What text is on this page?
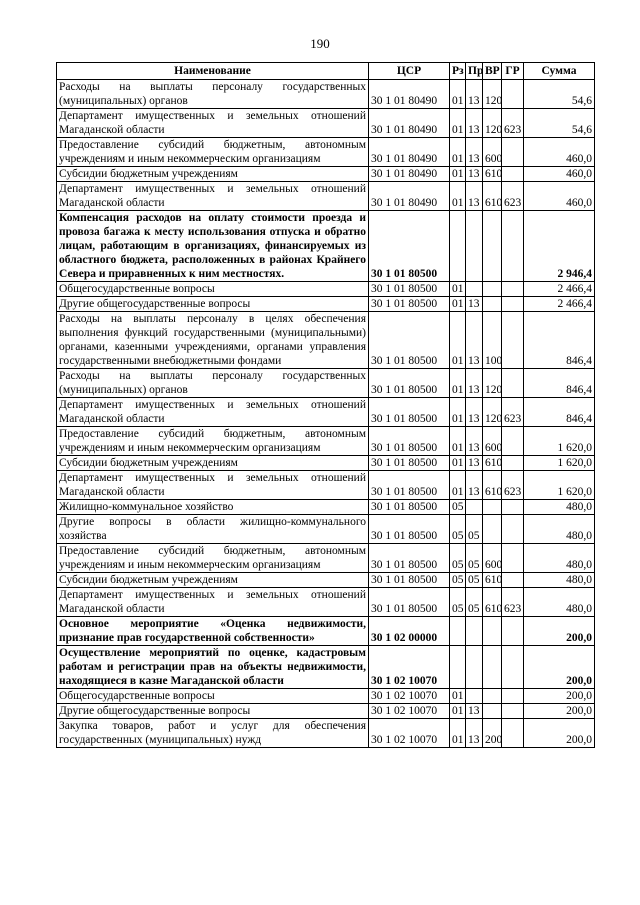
190
Наименование	ЦСР	Рз	Пр	ВР	ГР	Сумма
Расходы на выплаты персоналу государственных (муниципальных) органов	30 1 01 80490	01	13	120		54,6
Департамент имущественных и земельных отношений Магаданской области	30 1 01 80490	01	13	120	623	54,6
Предоставление субсидий бюджетным, автономным учреждениям и иным некоммерческим организациям	30 1 01 80490	01	13	600		460,0
Субсидии бюджетным учреждениям	30 1 01 80490	01	13	610		460,0
Департамент имущественных и земельных отношений Магаданской области	30 1 01 80490	01	13	610	623	460,0
Компенсация расходов на оплату стоимости проезда и провоза багажа к месту использования отпуска и обратно лицам, работающим в организациях, финансируемых из областного бюджета, расположенных в районах Крайнего Севера и приравненных к ним местностях.	30 1 01 80500					2 946,4
Общегосударственные вопросы	30 1 01 80500	01				2 466,4
Другие общегосударственные вопросы	30 1 01 80500	01	13			2 466,4
Расходы на выплаты персоналу в целях обеспечения выполнения функций государственными (муниципальными) органами, казенными учреждениями, органами управления государственными внебюджетными фондами	30 1 01 80500	01	13	100		846,4
Расходы на выплаты персоналу государственных (муниципальных) органов	30 1 01 80500	01	13	120		846,4
Департамент имущественных и земельных отношений Магаданской области	30 1 01 80500	01	13	120	623	846,4
Предоставление субсидий бюджетным, автономным учреждениям и иным некоммерческим организациям	30 1 01 80500	01	13	600		1 620,0
Субсидии бюджетным учреждениям	30 1 01 80500	01	13	610		1 620,0
Департамент имущественных и земельных отношений Магаданской области	30 1 01 80500	01	13	610	623	1 620,0
Жилищно-коммунальное хозяйство	30 1 01 80500	05				480,0
Другие вопросы в области жилищно-коммунального хозяйства	30 1 01 80500	05	05			480,0
Предоставление субсидий бюджетным, автономным учреждениям и иным некоммерческим организациям	30 1 01 80500	05	05	600		480,0
Субсидии бюджетным учреждениям	30 1 01 80500	05	05	610		480,0
Департамент имущественных и земельных отношений Магаданской области	30 1 01 80500	05	05	610	623	480,0
Основное мероприятие «Оценка недвижимости, признание прав государственной собственности»	30 1 02 00000					200,0
Осуществление мероприятий по оценке, кадастровым работам и регистрации прав на объекты недвижимости, находящиеся в казне Магаданской области	30 1 02 10070					200,0
Общегосударственные вопросы	30 1 02 10070	01				200,0
Другие общегосударственные вопросы	30 1 02 10070	01	13			200,0
Закупка товаров, работ и услуг для обеспечения государственных (муниципальных) нужд	30 1 02 10070	01	13	200		200,0
